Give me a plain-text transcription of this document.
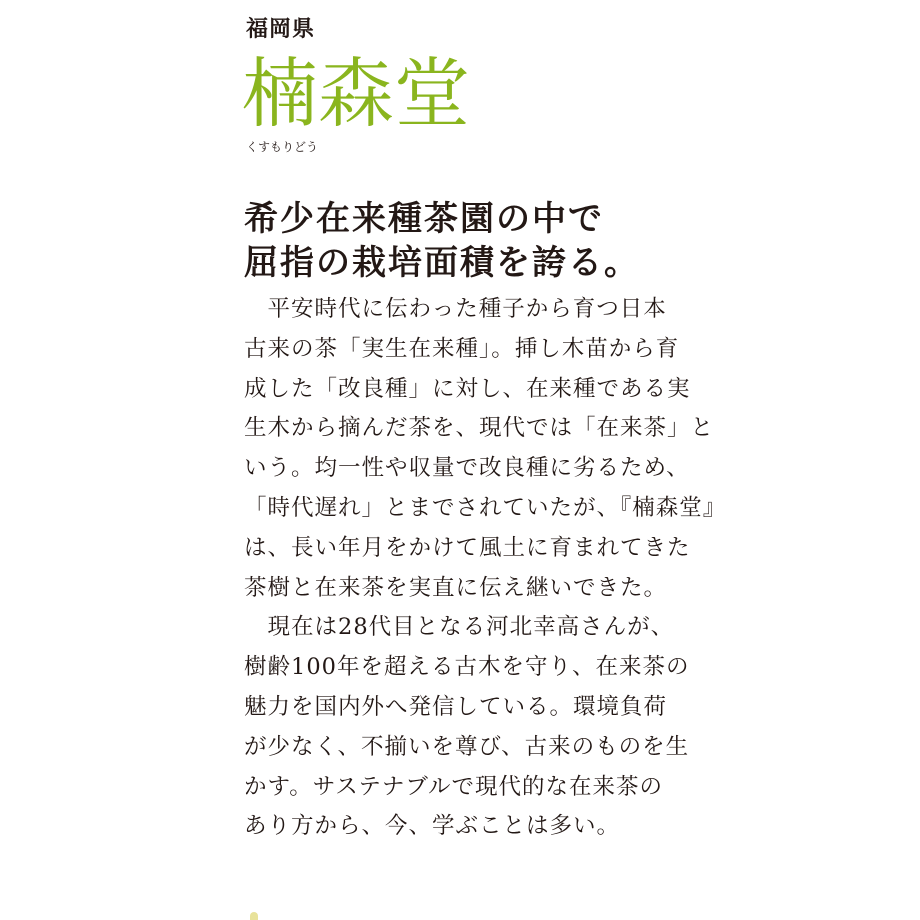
福岡県
楠森堂
くすもりどう
希少在来種茶園の中で
屈指の栽培面積を誇る。
　平安時代に伝わった種子から育つ日本
古来の茶「実生在来種」。挿し木苗から育
成した「改良種」に対し、在来種である実
生木から摘んだ茶を、現代では「在来茶」と
いう。均一性や収量で改良種に劣るため、
「時代遅れ」とまでされていたが、『楠森堂』
は、長い年月をかけて風土に育まれてきた
茶樹と在来茶を実直に伝え継いできた。
　現在は28代目となる河北幸高さんが、
樹齢100年を超える古木を守り、在来茶の
魅力を国内外へ発信している。環境負荷
が少なく、不揃いを尊び、古来のものを生
かす。サステナブルで現代的な在来茶の
あり方から、今、学ぶことは多い。
